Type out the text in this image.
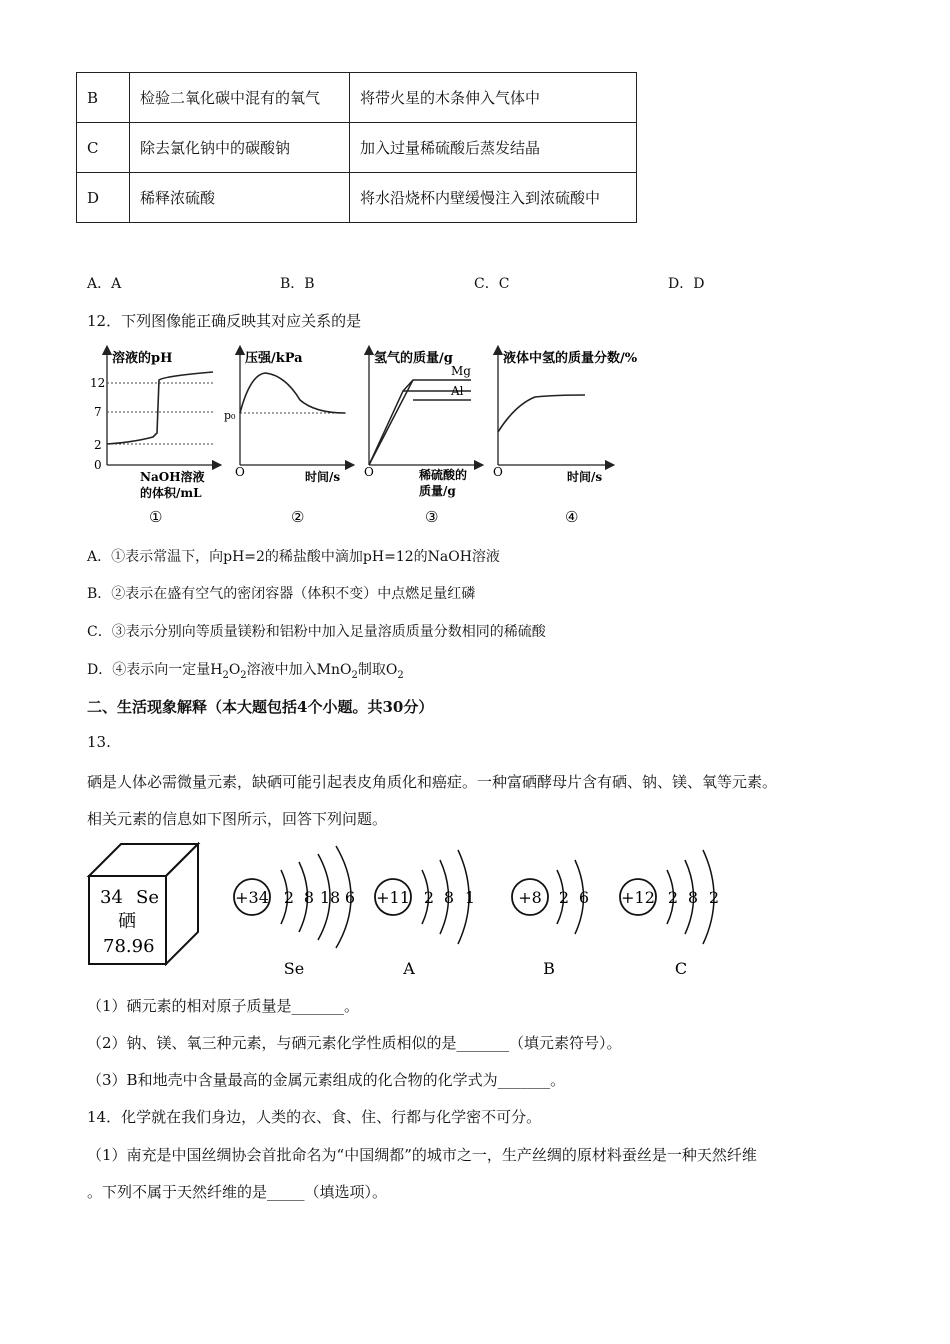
B	检验二氧化碳中混有的氧气	将带火星的木条伸入气体中
C	除去氯化钠中的碳酸钠	加入过量稀硫酸后蒸发结晶
D	稀释浓硫酸	将水沿烧杯内壁缓慢注入到浓硫酸中
A．A	B．B	C．C	D．D
12．下列图像能正确反映其对应关系的是
溶液的pH
12
7
2
0
NaOH溶液
的体积/mL
①
压强/kPa
p₀
O	时间/s
②
氢气的质量/g
Mg
Al
O	稀硫酸的
质量/g
③
液体中氢的质量分数/%
O	时间/s
④
A．①表示常温下，向pH=2的稀盐酸中滴加pH=12的NaOH溶液
B．②表示在盛有空气的密闭容器（体积不变）中点燃足量红磷
C．③表示分别向等质量镁粉和铝粉中加入足量溶质质量分数相同的稀硫酸
D．④表示向一定量$H_2O_2$溶液中加入MnO$_2$制取$O_2$
二、生活现象解释（本大题包括4个小题。共30分）
13.
硒是人体必需微量元素，缺硒可能引起表皮角质化和癌症。一种富硒酵母片含有硒、钠、镁、氧等元素。
相关元素的信息如下图所示，回答下列问题。
34 Se
硒
78.96
+34 2 8 18 6
Se
+11 2 8 1
A
+8 2 6
B
+12 2 8 2
C
（1）硒元素的相对原子质量是_______。
（2）钠、镁、氧三种元素，与硒元素化学性质相似的是_______（填元素符号）。
（3）B和地壳中含量最高的金属元素组成的化合物的化学式为_______。
14．化学就在我们身边，人类的衣、食、住、行都与化学密不可分。
（1）南充是中国丝绸协会首批命名为“中国绸都”的城市之一，生产丝绸的原材料蚕丝是一种天然纤维
。下列不属于天然纤维的是_____（填选项）。
